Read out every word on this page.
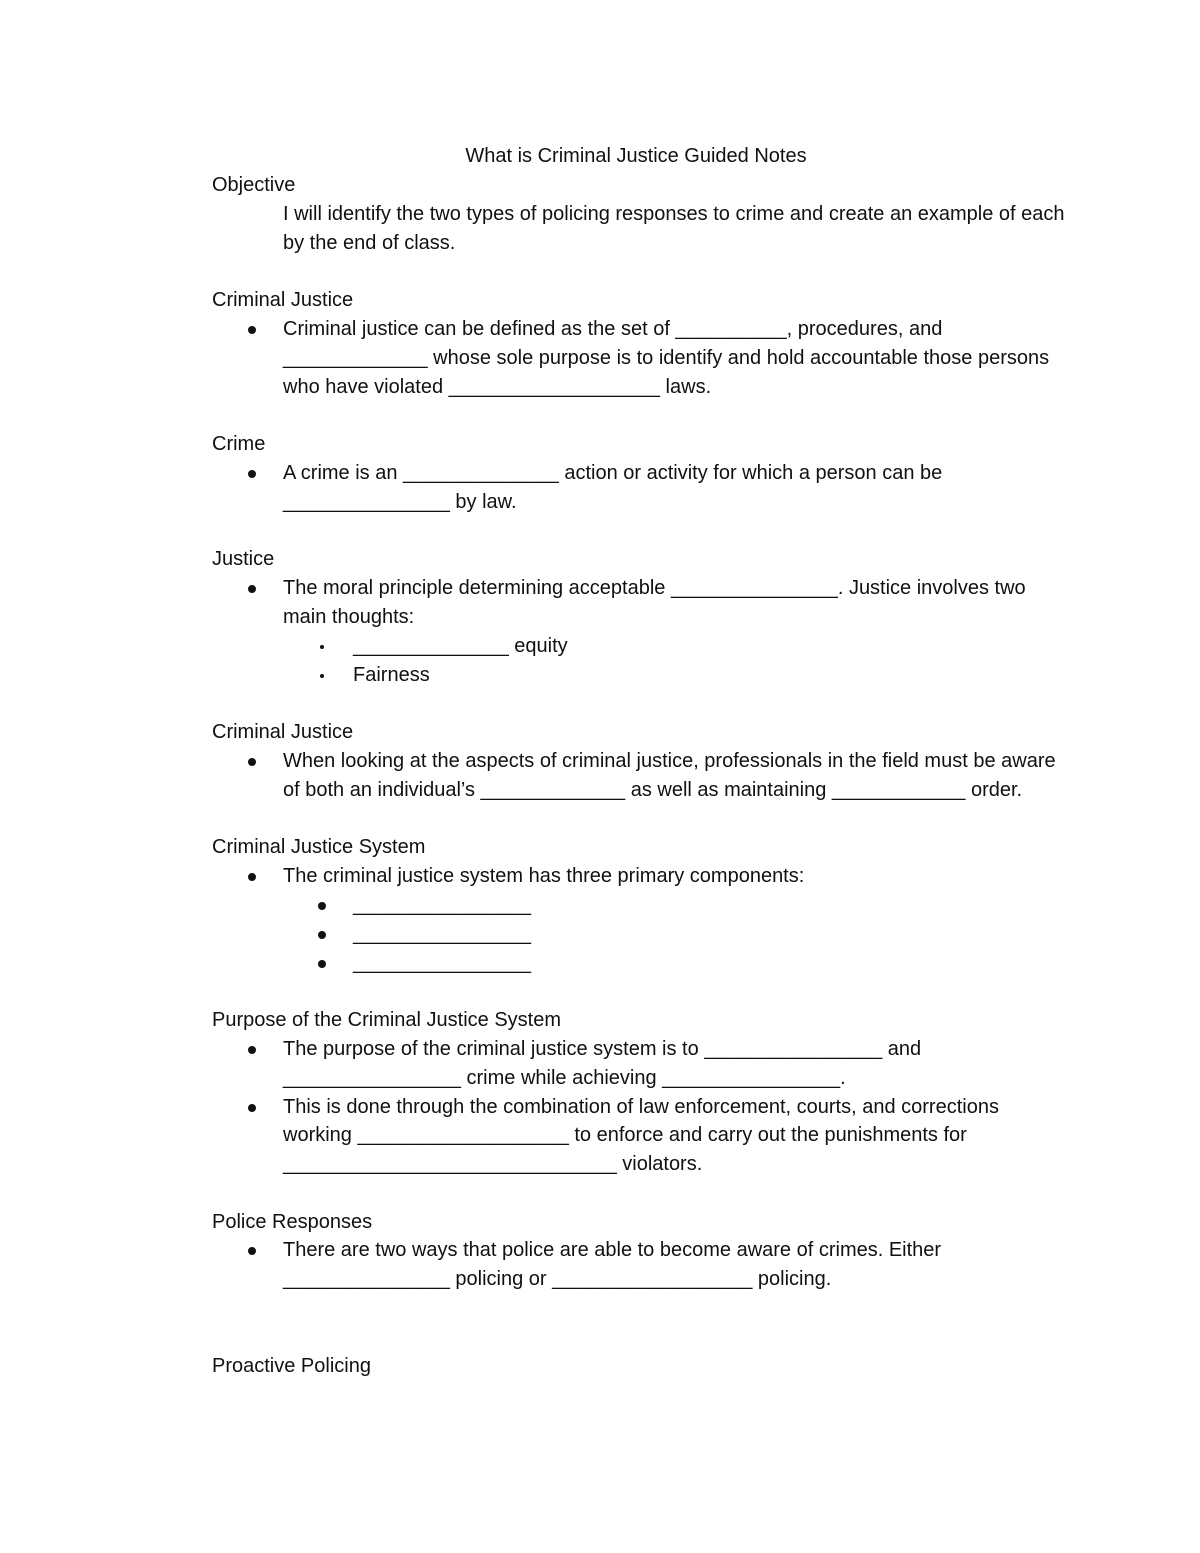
What is Criminal Justice Guided Notes

Objective

I will identify the two types of policing responses to crime and create an example of each by the end of class.

Criminal Justice

Criminal justice can be defined as the set of __________, procedures, and _____________ whose sole purpose is to identify and hold accountable those persons who have violated ___________________ laws.

Crime

A crime is an ______________ action or activity for which a person can be _______________ by law.

Justice

The moral principle determining acceptable _______________. Justice involves two main thoughts:
______________ equity
Fairness

Criminal Justice

When looking at the aspects of criminal justice, professionals in the field must be aware of both an individual’s _____________ as well as maintaining ____________ order.

Criminal Justice System

The criminal justice system has three primary components:
________________
________________
________________

Purpose of the Criminal Justice System

The purpose of the criminal justice system is to ________________ and ________________ crime while achieving ________________.
This is done through the combination of law enforcement, courts, and corrections working ___________________ to enforce and carry out the punishments for ______________________________ violators.

Police Responses

There are two ways that police are able to become aware of crimes. Either _______________ policing or __________________ policing.

Proactive Policing
